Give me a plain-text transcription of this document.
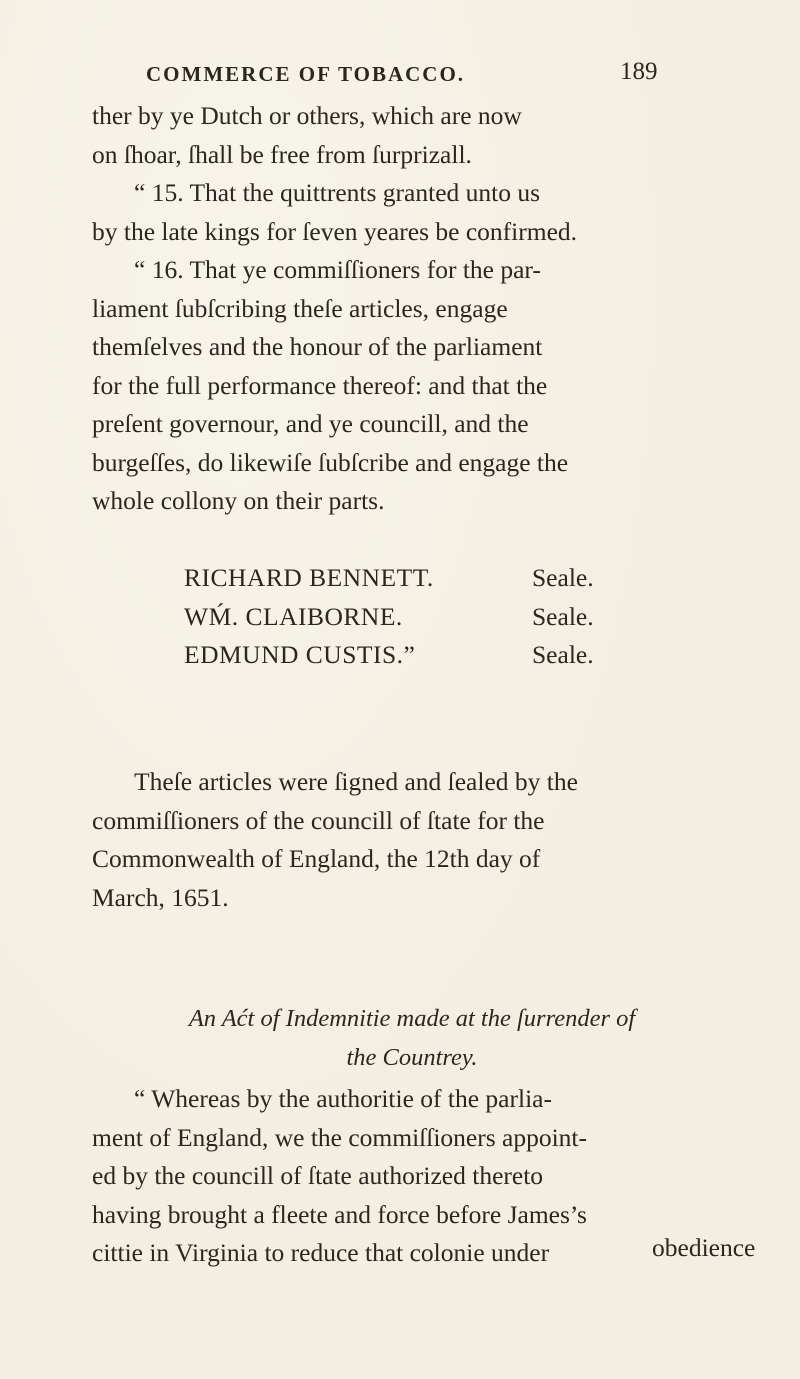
COMMERCE OF TOBACCO.	189
ther by ye Dutch or others, which are now
on ſhoar, ſhall be free from ſurprizall.
“ 15. That the quittrents granted unto us
by the late kings for ſeven yeares be confirmed.
“ 16. That ye commiſſioners for the par-
liament ſubſcribing theſe articles, engage
themſelves and the honour of the parliament
for the full performance thereof: and that the
preſent governour, and ye councill, and the
burgeſſes, do likewiſe ſubſcribe and engage the
whole collony on their parts.
RICHARD BENNETT.	Seale.
WḾ. CLAIBORNE.	Seale.
EDMUND CUSTIS.”	Seale.
Theſe articles were ſigned and ſealed by the
commiſſioners of the councill of ſtate for the
Commonwealth of England, the 12th day of
March, 1651.
An Aćt of Indemnitie made at the ſurrender of
the Countrey.
“ Whereas by the authoritie of the parlia-
ment of England, we the commiſſioners appoint-
ed by the councill of ſtate authorized thereto
having brought a fleete and force before James’s
cittie in Virginia to reduce that colonie under	obedience
